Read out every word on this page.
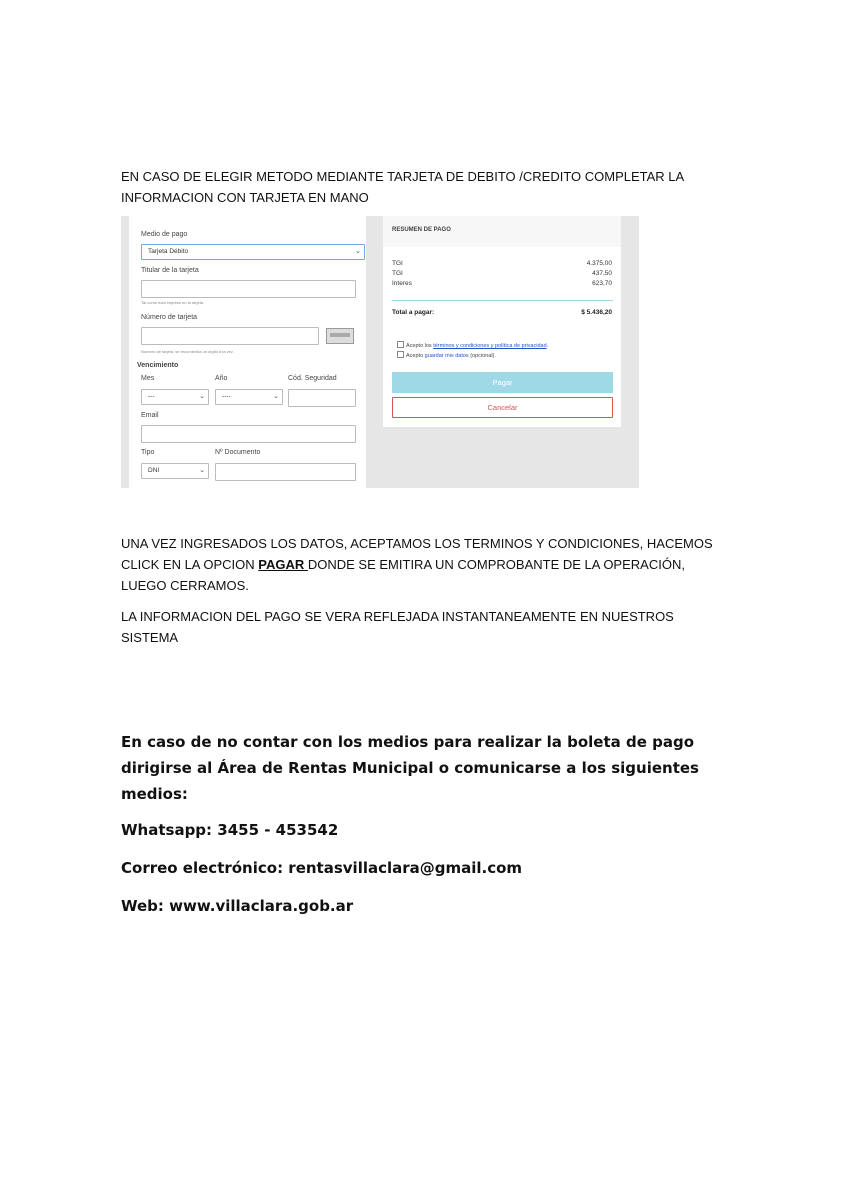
EN CASO DE ELEGIR METODO MEDIANTE TARJETA DE DEBITO /CREDITO COMPLETAR LA
INFORMACION CON TARJETA EN MANO
Medio de pago
Tarjeta Débito	⌄
Titular de la tarjeta
Tal como está impreso en la tarjeta.
Número de tarjeta
Número de tarjeta, se recomienda un dígito a la vez.
Vencimiento
Mes	Año	Cód. Seguridad
---	⌄	----	⌄
Email
Tipo	Nº Documento
DNI	⌄
RESUMEN DE PAGO
TGI	4.375,00
TGI	437,50
Interes	623,70
Total a pagar:	$ 5.436,20
Acepto los términos y condiciones y política de privacidad.
Acepto guardar mis datos (opcional).
Pagar
Cancelar
UNA VEZ INGRESADOS LOS DATOS, ACEPTAMOS LOS TERMINOS Y CONDICIONES, HACEMOS CLICK EN LA OPCION PAGAR DONDE SE EMITIRA UN COMPROBANTE DE LA OPERACIÓN, LUEGO CERRAMOS.
LA INFORMACION DEL PAGO SE VERA REFLEJADA INSTANTANEAMENTE EN NUESTROS SISTEMA
En caso de no contar con los medios para realizar la boleta de pago dirigirse al Área de Rentas Municipal o comunicarse a los siguientes medios:
Whatsapp: 3455 - 453542
Correo electrónico: rentasvillaclara@gmail.com
Web: www.villaclara.gob.ar
